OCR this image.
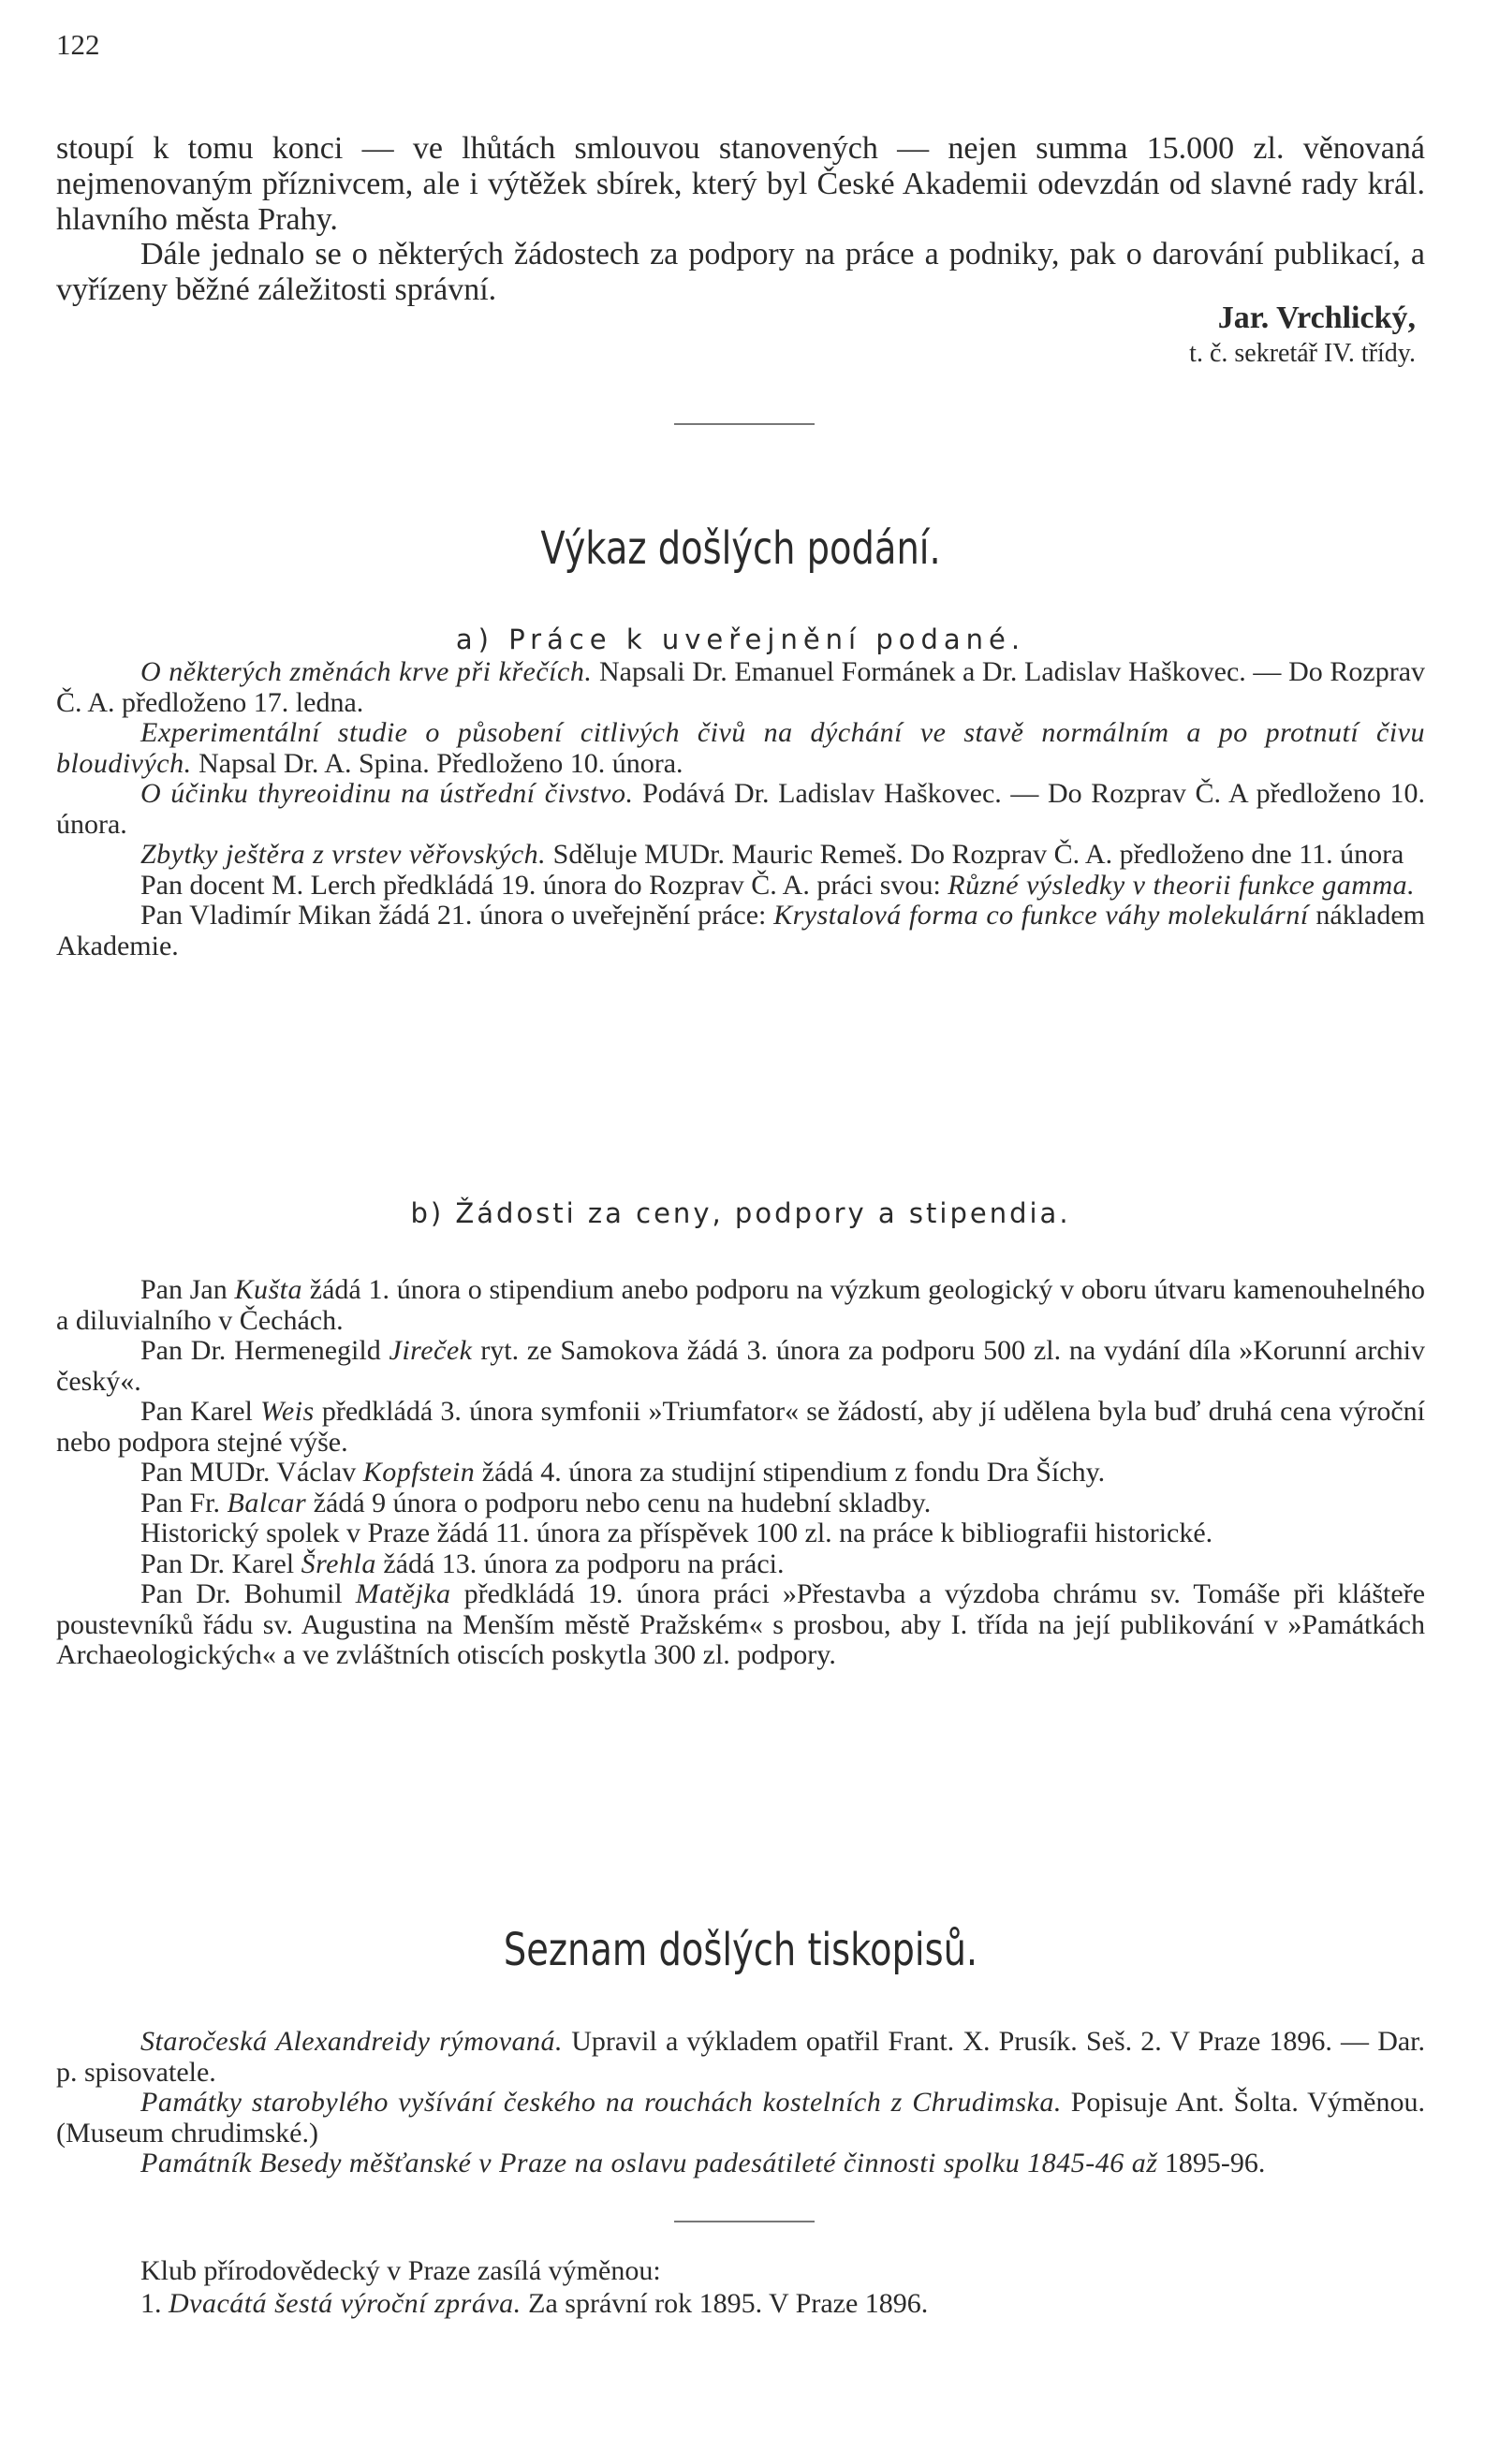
122

stoupí k tomu konci — ve lhůtách smlouvou stanovených — nejen summa 15.000 zl. věnovaná nejmenovaným příznivcem, ale i výtěžek sbírek, který byl České Akademii odevzdán od slavné rady král. hlavního města Prahy.

Dále jednalo se o některých žádostech za podpory na práce a podniky, pak o darování publikací, a vyřízeny běžné záležitosti správní.

Jar. Vrchlický,

t. č. sekretář IV. třídy.

Výkaz došlých podání.
a) Práce k uveřejnění podané.

O některých změnách krve při křečích. Napsali Dr. Emanuel Formánek a Dr. Ladislav Haškovec. — Do Rozprav Č. A. předloženo 17. ledna.

Experimentální studie o působení citlivých čivů na dýchání ve stavě normálním a po protnutí čivu bloudivých. Napsal Dr. A. Spina. Předloženo 10. února.

O účinku thyreoidinu na ústřední čivstvo. Podává Dr. Ladislav Haškovec. — Do Rozprav Č. A předloženo 10. února.

Zbytky ještěra z vrstev věřovských. Sděluje MUDr. Mauric Remeš. Do Rozprav Č. A. předloženo dne 11. února

Pan docent M. Lerch předkládá 19. února do Rozprav Č. A. práci svou: Různé výsledky v theorii funkce gamma.

Pan Vladimír Mikan žádá 21. února o uveřejnění práce: Krystalová forma co funkce váhy molekulární nákladem Akademie.

b) Žádosti za ceny, podpory a stipendia.

Pan Jan Kušta žádá 1. února o stipendium anebo podporu na výzkum geologický v oboru útvaru kamenouhelného a diluvialního v Čechách.

Pan Dr. Hermenegild Jireček ryt. ze Samokova žádá 3. února za podporu 500 zl. na vydání díla »Korunní archiv český«.

Pan Karel Weis předkládá 3. února symfonii »Triumfator« se žádostí, aby jí udělena byla buď druhá cena výroční nebo podpora stejné výše.

Pan MUDr. Václav Kopfstein žádá 4. února za studijní stipendium z fondu Dra Šíchy.

Pan Fr. Balcar žádá 9 února o podporu nebo cenu na hudební skladby.

Historický spolek v Praze žádá 11. února za příspěvek 100 zl. na práce k bibliografii historické.

Pan Dr. Karel Šrehla žádá 13. února za podporu na práci.

Pan Dr. Bohumil Matějka předkládá 19. února práci »Přestavba a výzdoba chrámu sv. Tomáše při klášteře poustevníků řádu sv. Augustina na Menším městě Pražském« s prosbou, aby I. třída na její publikování v »Památkách Archaeologických« a ve zvláštních otiscích poskytla 300 zl. podpory.

Seznam došlých tiskopisů.

Staročeská Alexandreidy rýmovaná. Upravil a výkladem opatřil Frant. X. Prusík. Seš. 2. V Praze 1896. — Dar. p. spisovatele.

Památky starobylého vyšívání českého na rouchách kostelních z Chrudimska. Popisuje Ant. Šolta. Výměnou. (Museum chrudimské.)

Památník Besedy měšťanské v Praze na oslavu padesátileté činnosti spolku 1845-46 až 1895-96.

Klub přírodovědecký v Praze zasílá výměnou:

1. Dvacátá šestá výroční zpráva. Za správní rok 1895. V Praze 1896.
